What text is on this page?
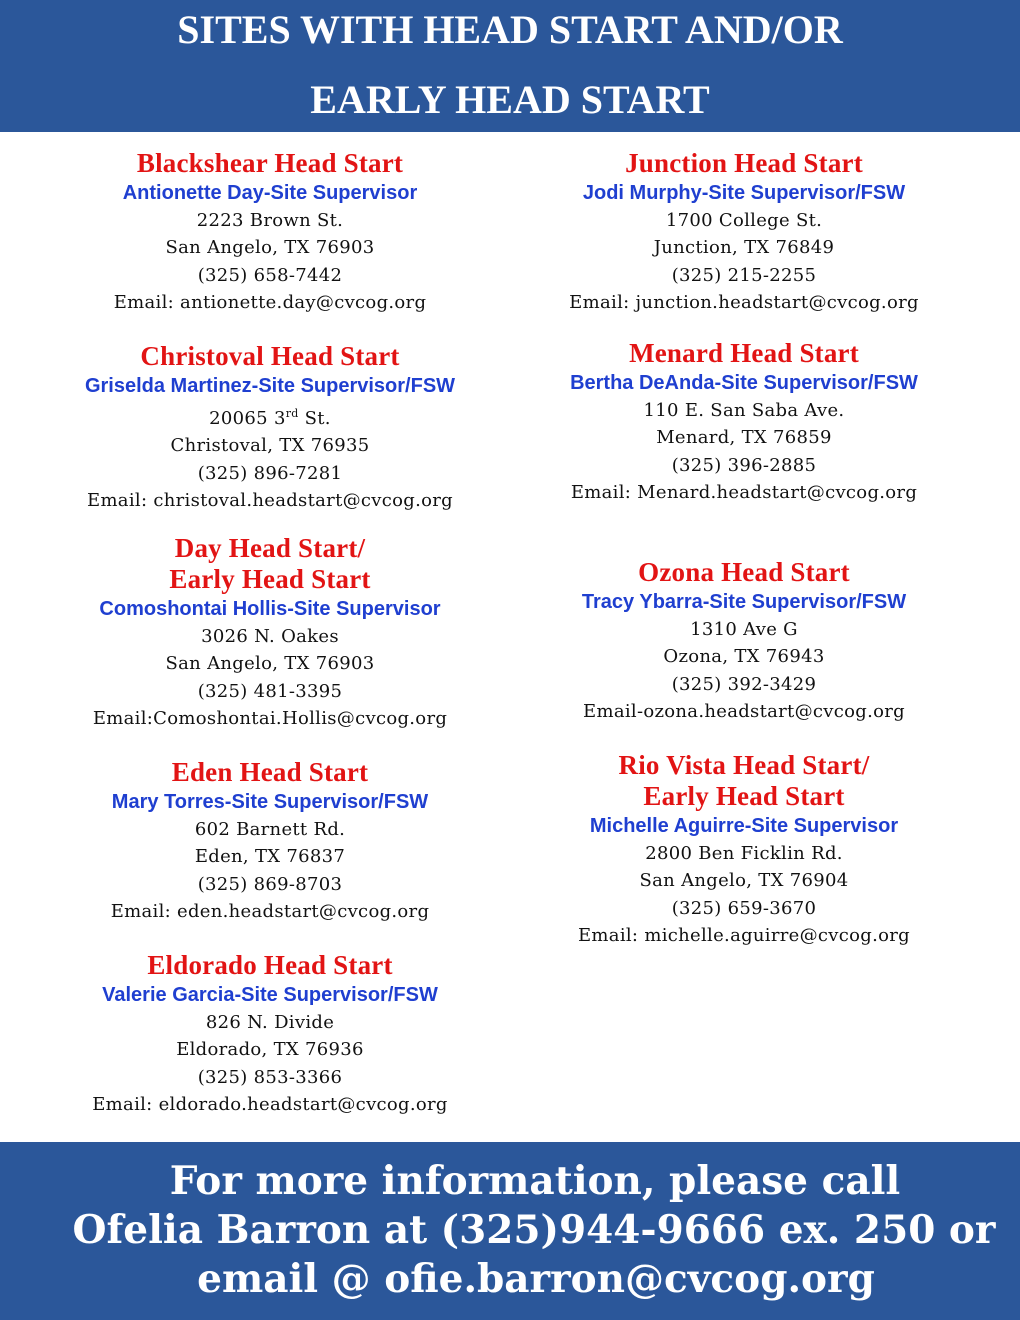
SITES WITH HEAD START AND/OR
EARLY HEAD START
Blackshear Head Start
Antionette Day-Site Supervisor
2223 Brown St.
San Angelo, TX 76903
(325) 658-7442
Email: antionette.day@cvcog.org
Christoval Head Start
Griselda Martinez-Site Supervisor/FSW
20065 3rd St.
Christoval, TX 76935
(325) 896-7281
Email: christoval.headstart@cvcog.org
Day Head Start/
Early Head Start
Comoshontai Hollis-Site Supervisor
3026 N. Oakes
San Angelo, TX 76903
(325) 481-3395
Email:Comoshontai.Hollis@cvcog.org
Eden Head Start
Mary Torres-Site Supervisor/FSW
602 Barnett Rd.
Eden, TX 76837
(325) 869-8703
Email: eden.headstart@cvcog.org
Eldorado Head Start
Valerie Garcia-Site Supervisor/FSW
826 N. Divide
Eldorado, TX 76936
(325) 853-3366
Email: eldorado.headstart@cvcog.org
Junction Head Start
Jodi Murphy-Site Supervisor/FSW
1700 College St.
Junction, TX 76849
(325) 215-2255
Email: junction.headstart@cvcog.org
Menard Head Start
Bertha DeAnda-Site Supervisor/FSW
110 E. San Saba Ave.
Menard, TX 76859
(325) 396-2885
Email: Menard.headstart@cvcog.org
Ozona Head Start
Tracy Ybarra-Site Supervisor/FSW
1310 Ave G
Ozona, TX 76943
(325) 392-3429
Email-ozona.headstart@cvcog.org
Rio Vista Head Start/
Early Head Start
Michelle Aguirre-Site Supervisor
2800 Ben Ficklin Rd.
San Angelo, TX 76904
(325) 659-3670
Email: michelle.aguirre@cvcog.org
For more information, please call
Ofelia Barron at (325)944-9666 ex. 250 or
email @ ofie.barron@cvcog.org
